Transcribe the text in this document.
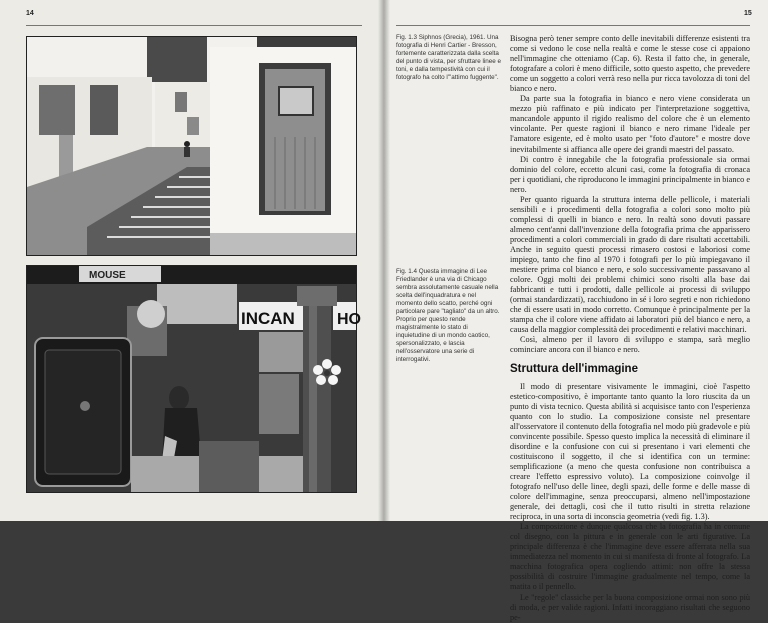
14
MOUSE
INCAN	HO
15
Fig. 1.3 Siphnos (Grecia), 1961. Una fotografia di Henri Cartier - Bresson, fortemente caratterizzata dalla scelta del punto di vista, per sfruttare linee e toni, e dalla tempestività con cui il fotografo ha colto l'"attimo fuggente".
Fig. 1.4 Questa immagine di Lee Friedlander è una via di Chicago sembra assolutamente casuale nella scelta dell'inquadratura e nel momento dello scatto, perché ogni particolare pare "tagliato" da un altro. Proprio per questo rende magistralmente lo stato di inquietudine di un mondo caotico, spersonalizzato, e lascia nell'osservatore una serie di interrogativi.

Bisogna però tener sempre conto delle inevitabili differenze esistenti tra come si vedono le cose nella realtà e come le stesse cose ci appaiono nell'immagine che otteniamo (Cap. 6). Resta il fatto che, in generale, fotografare a colori è meno difficile, sotto questo aspetto, che prevedere come un soggetto a colori verrà reso nella pur ricca tavolozza di toni del bianco e nero.

Da parte sua la fotografia in bianco e nero viene considerata un mezzo più raffinato e più indicato per l'interpretazione soggettiva, mancandole appunto il rigido realismo del colore che è un elemento vincolante. Per queste ragioni il bianco e nero rimane l'ideale per l'amatore esigente, ed è molto usato per "foto d'autore" e mostre dove inevitabilmente si affianca alle opere dei grandi maestri del passato.

Di contro è innegabile che la fotografia professionale sia ormai dominio del colore, eccetto alcuni casi, come la fotografia di cronaca per i quotidiani, che riproducono le immagini principalmente in bianco e nero.

Per quanto riguarda la struttura interna delle pellicole, i materiali sensibili e i procedimenti della fotografia a colori sono molto più complessi di quelli in bianco e nero. In realtà sono dovuti passare almeno cent'anni dall'invenzione della fotografia prima che apparissero procedimenti a colori commerciali in grado di dare risultati accettabili. Anche in seguito questi processi rimasero costosi e laboriosi come impiego, tanto che fino al 1970 i fotografi per lo più impiegavano il mestiere prima col bianco e nero, e solo successivamente passavano al colore. Oggi molti dei problemi chimici sono risolti alla base dai fabbricanti e tutti i prodotti, dalle pellicole ai processi di sviluppo (ormai standardizzati), racchiudono in sé i loro segreti e non richiedono che di essere usati in modo corretto. Comunque è principalmente per la stampa che il colore viene affidato ai laboratori più del bianco e nero, a causa della maggior complessità dei procedimenti e relativi macchinari.

Così, almeno per il lavoro di sviluppo e stampa, sarà meglio cominciare ancora con il bianco e nero.

Struttura dell'immagine

Il modo di presentare visivamente le immagini, cioè l'aspetto estetico-compositivo, è importante tanto quanto la loro riuscita da un punto di vista tecnico. Questa abilità si acquisisce tanto con l'esperienza quanto con lo studio. La composizione consiste nel presentare all'osservatore il contenuto della fotografia nel modo più gradevole e più convincente possibile. Spesso questo implica la necessità di eliminare il disordine e la confusione con cui si presentano i vari elementi che costituiscono il soggetto, il che si identifica con un termine: semplificazione (a meno che questa confusione non contribuisca a creare l'effetto espressivo voluto). La composizione coinvolge il fotografo nell'uso delle linee, degli spazi, delle forme e delle masse di colore dell'immagine, senza preoccuparsi, almeno nell'impostazione generale, dei dettagli, così che il tutto risulti in stretta relazione reciproca, in una sorta di inconscia geometria (vedi fig. 1.3).

La composizione è dunque qualcosa che la fotografia ha in comune col disegno, con la pittura e in generale con le arti figurative. La principale differenza è che l'immagine deve essere afferrata nella sua immediatezza nel momento in cui si manifesta di fronte al fotografo. La macchina fotografica opera cogliendo attimi: non offre la stessa possibilità di costruire l'immagine gradualmente nel tempo, come la matita o il pennello.

Le "regole" classiche per la buona composizione ormai non sono più di moda, e per valide ragioni. Infatti incoraggiano risultati che seguono pe-
